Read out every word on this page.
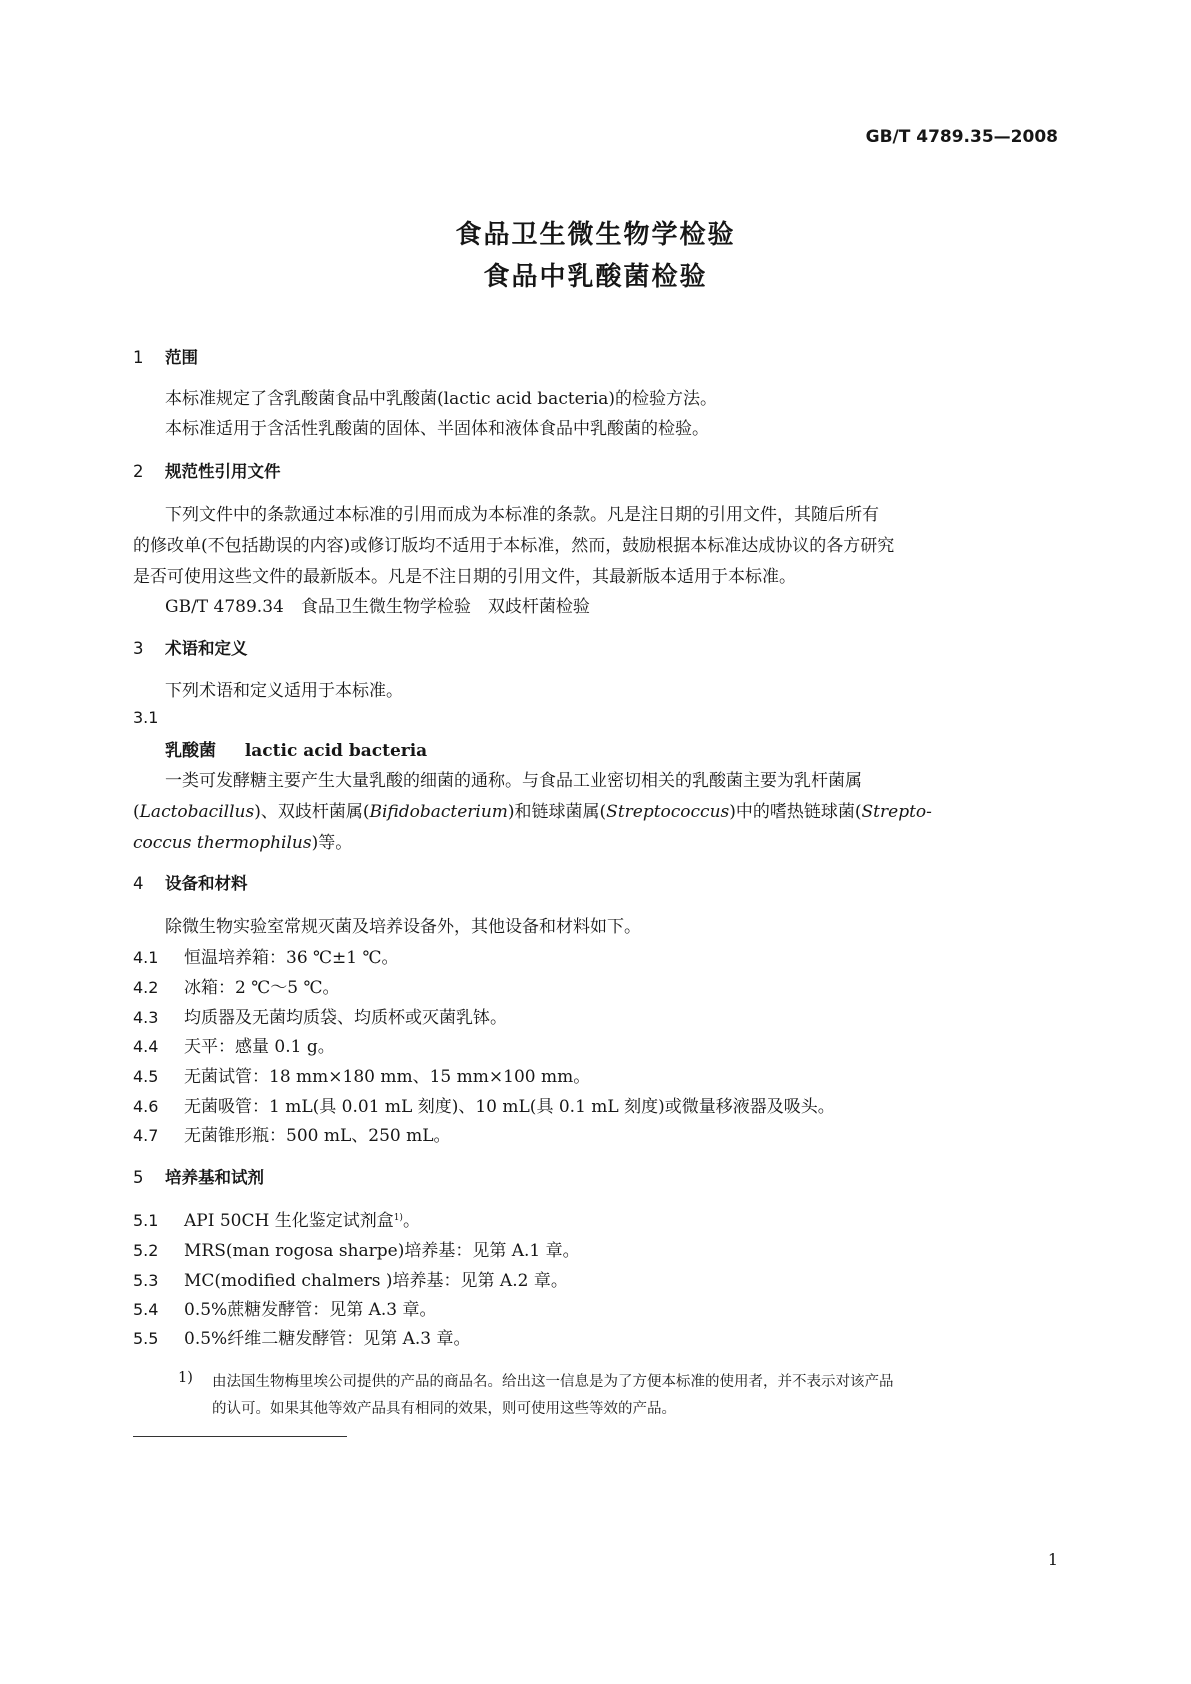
GB/T 4789.35—2008
食品卫生微生物学检验
食品中乳酸菌检验
1 范围
本标准规定了含乳酸菌食品中乳酸菌(lactic acid bacteria)的检验方法。
本标准适用于含活性乳酸菌的固体、半固体和液体食品中乳酸菌的检验。
2 规范性引用文件
下列文件中的条款通过本标准的引用而成为本标准的条款。凡是注日期的引用文件，其随后所有
的修改单(不包括勘误的内容)或修订版均不适用于本标准，然而，鼓励根据本标准达成协议的各方研究
是否可使用这些文件的最新版本。凡是不注日期的引用文件，其最新版本适用于本标准。
GB/T 4789.34　食品卫生微生物学检验　双歧杆菌检验
3 术语和定义
下列术语和定义适用于本标准。
3.1
乳酸菌 lactic acid bacteria
一类可发酵糖主要产生大量乳酸的细菌的通称。与食品工业密切相关的乳酸菌主要为乳杆菌属
(Lactobacillus)、双歧杆菌属(Bifidobacterium)和链球菌属(Streptococcus)中的嗜热链球菌(Strepto-
coccus thermophilus)等。
4 设备和材料
除微生物实验室常规灭菌及培养设备外，其他设备和材料如下。
4.1 恒温培养箱：36 ℃±1 ℃。
4.2 冰箱：2 ℃～5 ℃。
4.3 均质器及无菌均质袋、均质杯或灭菌乳钵。
4.4 天平：感量 0.1 g。
4.5 无菌试管：18 mm×180 mm、15 mm×100 mm。
4.6 无菌吸管：1 mL(具 0.01 mL 刻度)、10 mL(具 0.1 mL 刻度)或微量移液器及吸头。
4.7 无菌锥形瓶：500 mL、250 mL。
5 培养基和试剂
5.1 API 50CH 生化鉴定试剂盒$^{1)}$。
5.2 MRS(man rogosa sharpe)培养基：见第 A.1 章。
5.3 MC(modified chalmers )培养基：见第 A.2 章。
5.4 0.5%蔗糖发酵管：见第 A.3 章。
5.5 0.5%纤维二糖发酵管：见第 A.3 章。
1) 由法国生物梅里埃公司提供的产品的商品名。给出这一信息是为了方便本标准的使用者，并不表示对该产品
的认可。如果其他等效产品具有相同的效果，则可使用这些等效的产品。
1
